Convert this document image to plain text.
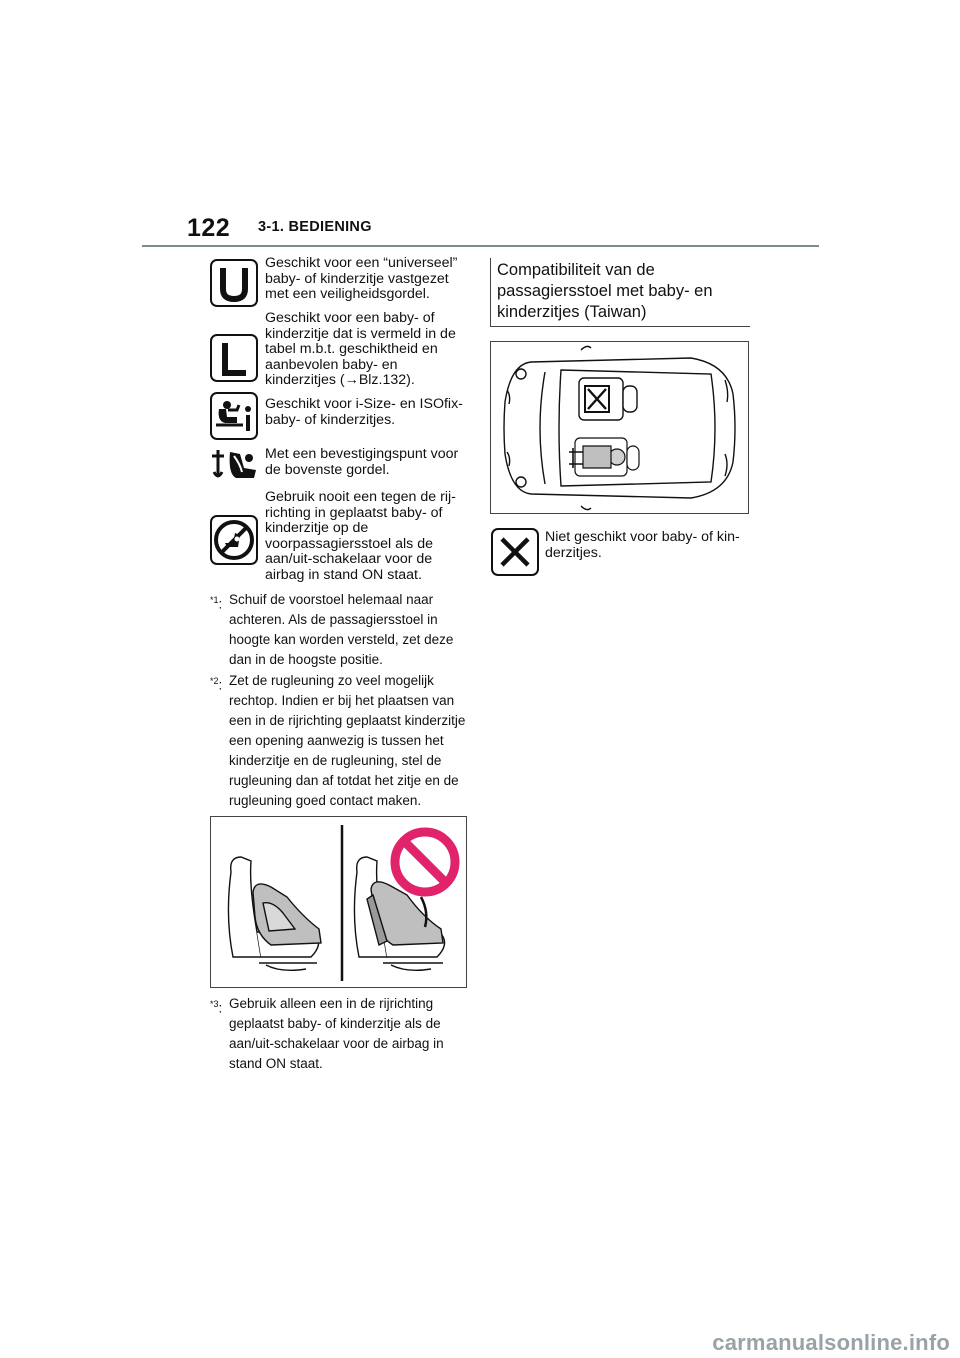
122 3-1. BEDIENING
Geschikt voor een “universeel” baby- of kinderzitje vastgezet met een veiligheidsgordel.
Geschikt voor een baby- of kinderzitje dat is vermeld in de tabel m.b.t. geschiktheid en aanbevolen baby- en kinderzitjes (→Blz.132).
Geschikt voor i-Size- en ISOfix-baby- of kinderzitjes.
Met een bevestigingspunt voor de bovenste gordel.
Gebruik nooit een tegen de rij-richting in geplaatst baby- of kinderzitje op de voorpassagiersstoel als de aan/uit-schakelaar voor de airbag in stand ON staat.
$^{*1}$: Schuif de voorstoel helemaal naar achteren. Als de passagiersstoel in hoogte kan worden versteld, zet deze dan in de hoogste positie.
$^{*2}$: Zet de rugleuning zo veel mogelijk rechtop. Indien er bij het plaatsen van een in de rijrichting geplaatst kinderzitje een opening aanwezig is tussen het kinderzitje en de rugleuning, stel de rugleuning dan af totdat het zitje en de rugleuning goed contact maken.
$^{*3}$: Gebruik alleen een in de rijrichting geplaatst baby- of kinderzitje als de aan/uit-schakelaar voor de airbag in stand ON staat.
Compatibiliteit van de passagiersstoel met baby- en kinderzitjes (Taiwan)
Niet geschikt voor baby- of kin-derzitjes.
carmanualsonline.info
